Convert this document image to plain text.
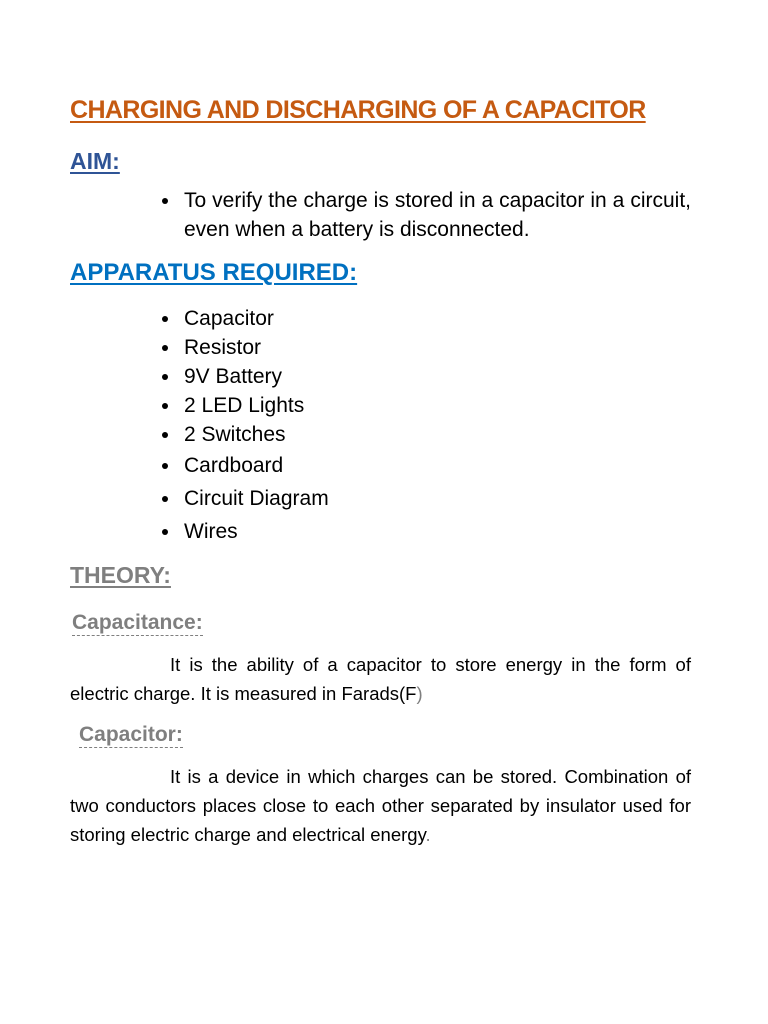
CHARGING AND DISCHARGING OF A CAPACITOR
AIM:
To verify the charge is stored in a capacitor in a circuit, even when a battery is disconnected.
APPARATUS REQUIRED:
Capacitor
Resistor
9V Battery
2 LED Lights
2 Switches
Cardboard
Circuit Diagram
Wires
THEORY:
Capacitance:

It is the ability of a capacitor to store energy in the form of electric charge. It is measured in Farads(F)

Capacitor:

It is a device in which charges can be stored. Combination of two conductors places close to each other separated by insulator used for storing electric charge and electrical energy.
